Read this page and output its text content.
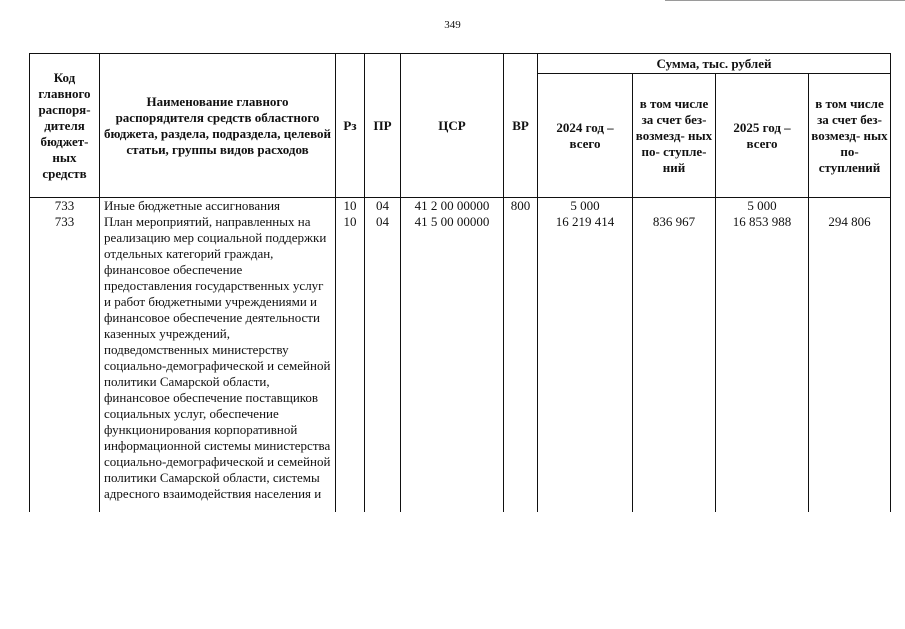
349
Код главного распоря- дителя бюджет- ных средств	Наименование главного распорядителя средств областного бюджета, раздела, подраздела, целевой статьи, группы видов расходов	Рз	ПР	ЦСР	ВР	Сумма, тыс. рублей			
						2024 год – всего	в том числе за счет без- возмезд- ных по- ступле- ний	2025 год – всего	в том числе за счет без- возмезд- ных по- ступлений
733	Иные бюджетные ассигнования	10	04	41 2 00 00000	800	5 000		5 000	
733	План мероприятий, направленных на реализацию мер социальной поддержки отдельных категорий граждан, финансовое обеспечение предоставления государственных услуг и работ бюджетными учреждениями и финансовое обеспечение деятельности казенных учреждений, подведомственных министерству социально-демографической и семейной политики Самарской области, финансовое обеспечение поставщиков социальных услуг, обеспечение функционирования корпоративной информационной системы министерства социально-демографической и семейной политики Самарской области, системы адресного взаимодействия населения и	10	04	41 5 00 00000		16 219 414	836 967	16 853 988	294 806
